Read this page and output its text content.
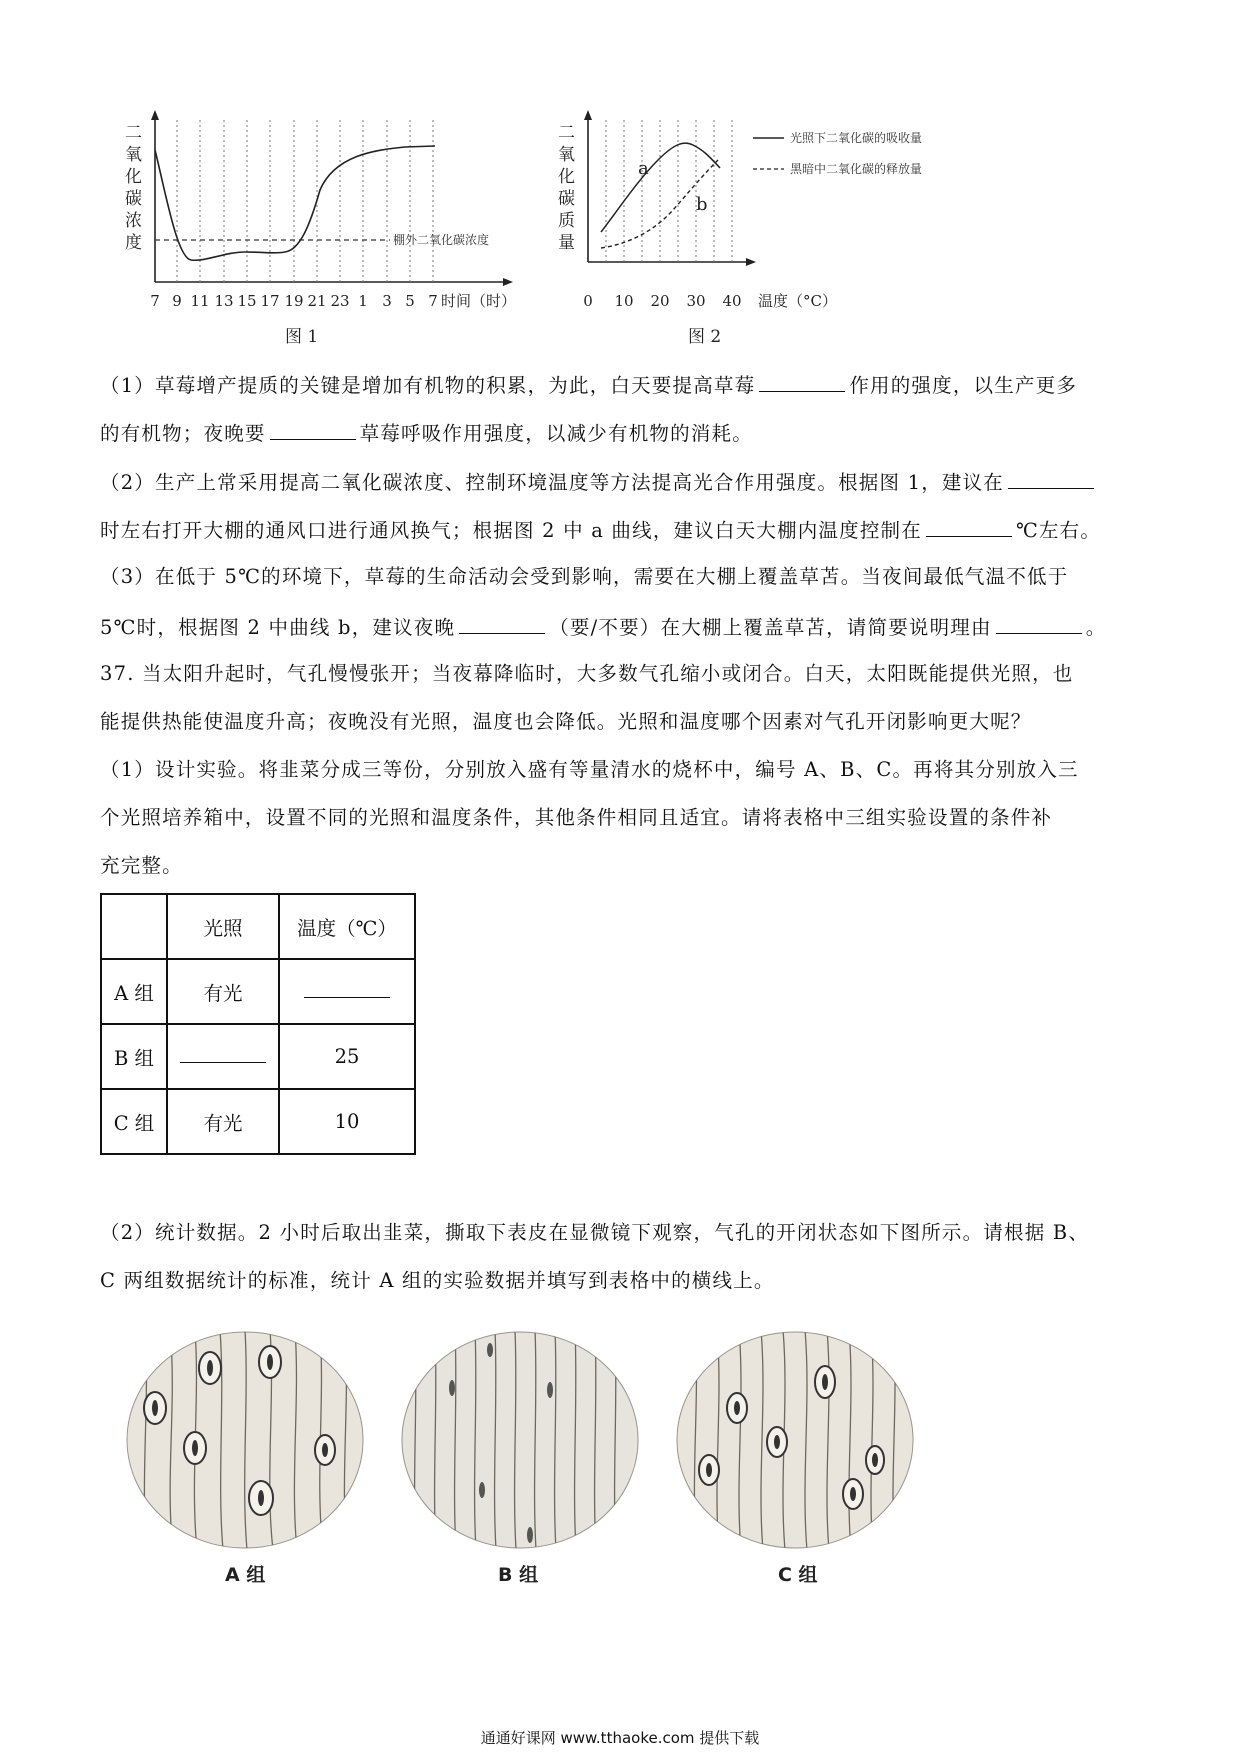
二
氧
化
碳
浓
度	棚外二氧化碳浓度
7 9 11 13 15 17 19 21 23 1 3 5 7 时间（时）
图 1
二
氧
化
碳
质
量
a
b
光照下二氧化碳的吸收量
黑暗中二氧化碳的释放量
0 10 20 30 40 温度（°C）
图 2
（1）草莓增产提质的关键是增加有机物的积累，为此，白天要提高草莓	作用的强度，以生产更多
的有机物；夜晚要	草莓呼吸作用强度，以减少有机物的消耗。
（2）生产上常采用提高二氧化碳浓度、控制环境温度等方法提高光合作用强度。根据图 1，建议在
时左右打开大棚的通风口进行通风换气；根据图 2 中 a 曲线，建议白天大棚内温度控制在	℃左右。
（3）在低于 5℃的环境下，草莓的生命活动会受到影响，需要在大棚上覆盖草苫。当夜间最低气温不低于
5℃时，根据图 2 中曲线 b，建议夜晚	（要/不要）在大棚上覆盖草苫，请简要说明理由	。
37. 当太阳升起时，气孔慢慢张开；当夜幕降临时，大多数气孔缩小或闭合。白天，太阳既能提供光照，也
能提供热能使温度升高；夜晚没有光照，温度也会降低。光照和温度哪个因素对气孔开闭影响更大呢？
（1）设计实验。将韭菜分成三等份，分别放入盛有等量清水的烧杯中，编号 A、B、C。再将其分别放入三
个光照培养箱中，设置不同的光照和温度条件，其他条件相同且适宜。请将表格中三组实验设置的条件补
充完整。
	光照	温度（℃）
A 组	有光	
B 组		25
C 组	有光	10
（2）统计数据。2 小时后取出韭菜，撕取下表皮在显微镜下观察，气孔的开闭状态如下图所示。请根据 B、
C 两组数据统计的标准，统计 A 组的实验数据并填写到表格中的横线上。
A 组	B 组	C 组
通通好课网 www.tthaoke.com 提供下载
